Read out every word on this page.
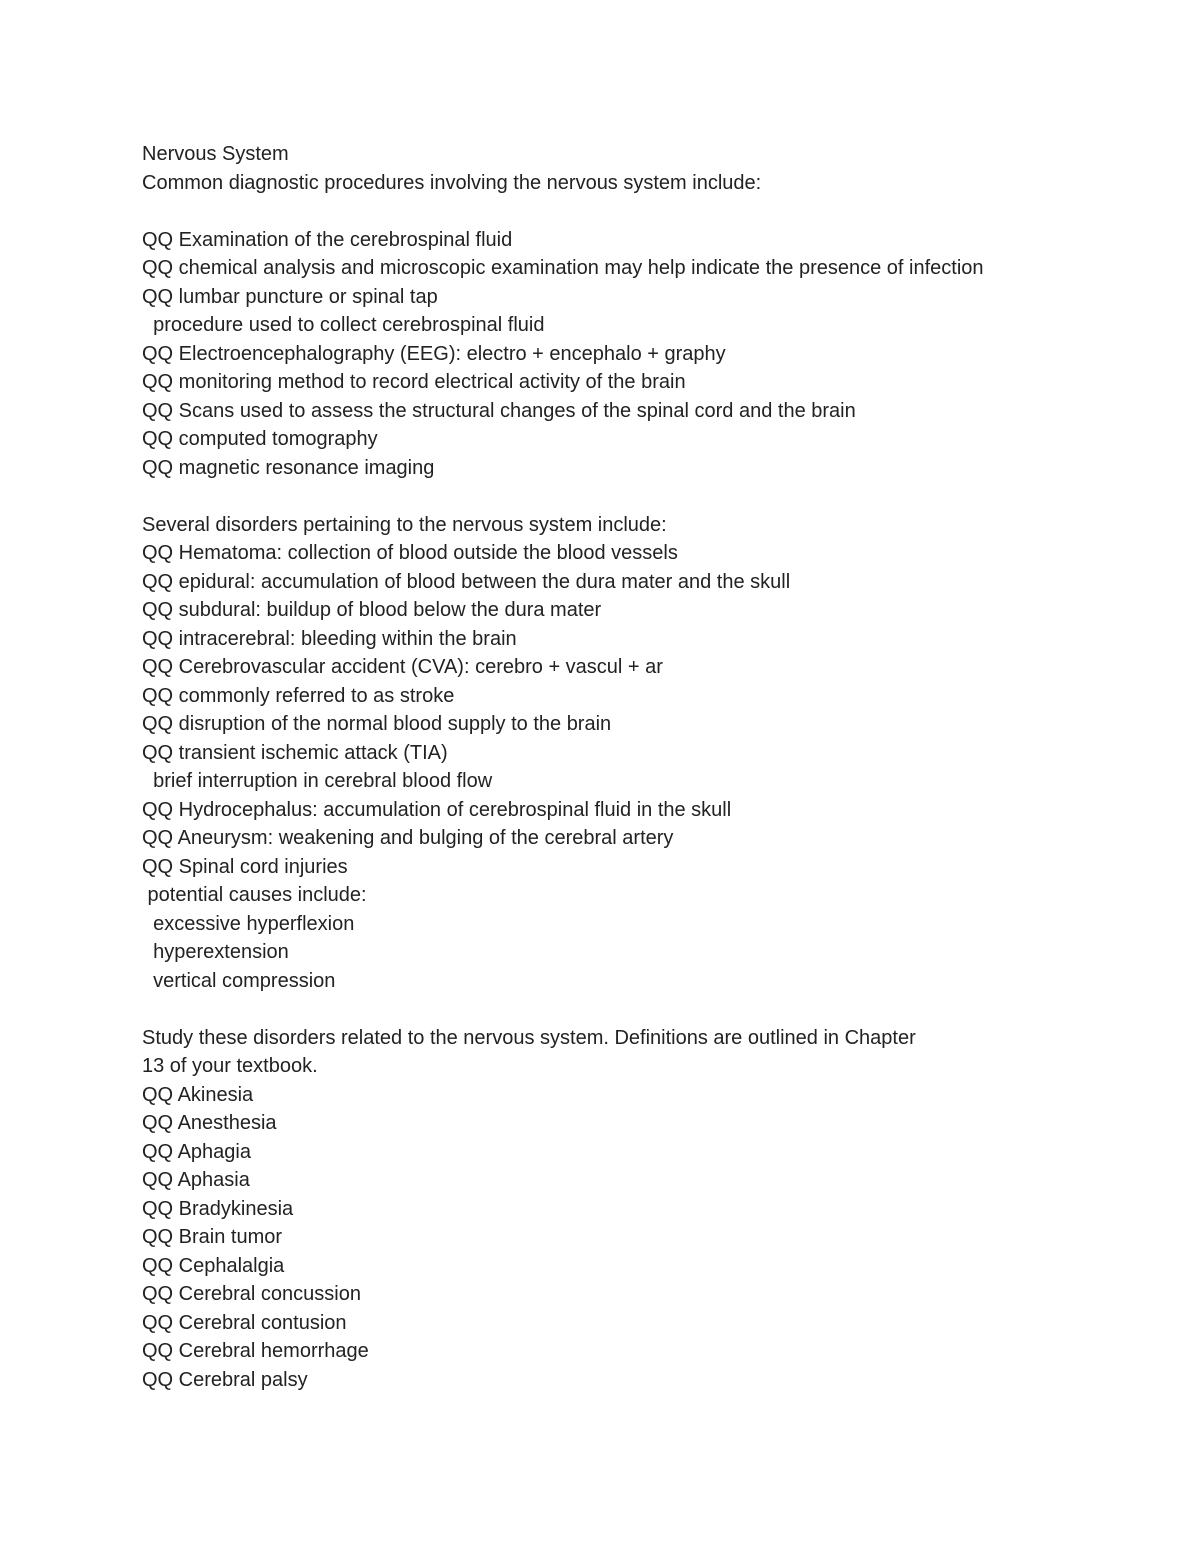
Nervous System
Common diagnostic procedures involving the nervous system include:
QQ Examination of the cerebrospinal fluid
QQ chemical analysis and microscopic examination may help indicate the presence of infection
QQ lumbar puncture or spinal tap
procedure used to collect cerebrospinal fluid
QQ Electroencephalography (EEG): electro + encephalo + graphy
QQ monitoring method to record electrical activity of the brain
QQ Scans used to assess the structural changes of the spinal cord and the brain
QQ computed tomography
QQ magnetic resonance imaging
Several disorders pertaining to the nervous system include:
QQ Hematoma: collection of blood outside the blood vessels
QQ epidural: accumulation of blood between the dura mater and the skull
QQ subdural: buildup of blood below the dura mater
QQ intracerebral: bleeding within the brain
QQ Cerebrovascular accident (CVA): cerebro + vascul + ar
QQ commonly referred to as stroke
QQ disruption of the normal blood supply to the brain
QQ transient ischemic attack (TIA)
brief interruption in cerebral blood flow
QQ Hydrocephalus: accumulation of cerebrospinal fluid in the skull
QQ Aneurysm: weakening and bulging of the cerebral artery
QQ Spinal cord injuries
potential causes include:
excessive hyperflexion
hyperextension
vertical compression
Study these disorders related to the nervous system. Definitions are outlined in Chapter
13 of your textbook.
QQ Akinesia
QQ Anesthesia
QQ Aphagia
QQ Aphasia
QQ Bradykinesia
QQ Brain tumor
QQ Cephalalgia
QQ Cerebral concussion
QQ Cerebral contusion
QQ Cerebral hemorrhage
QQ Cerebral palsy
